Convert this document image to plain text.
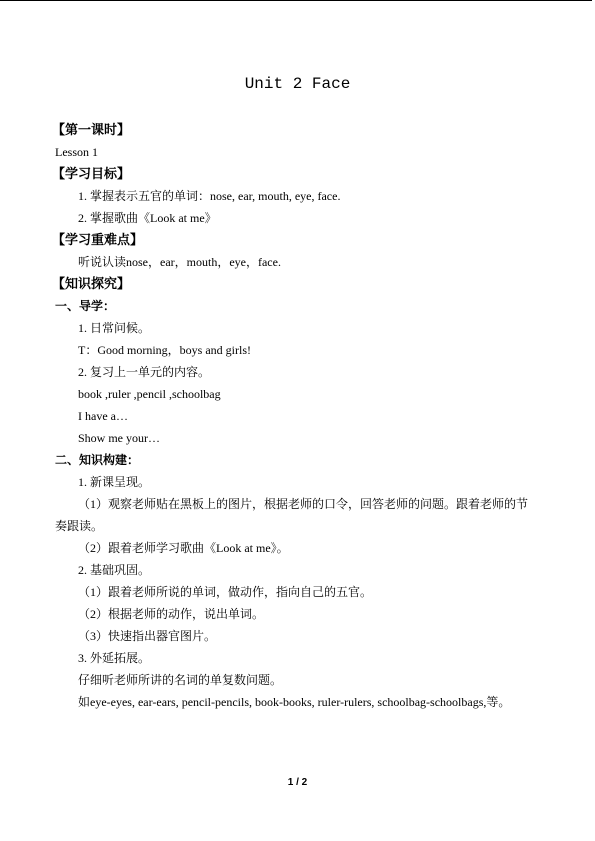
Unit 2 Face
【第一课时】
Lesson 1
【学习目标】
1. 掌握表示五官的单词：nose, ear, mouth, eye, face.
2. 掌握歌曲《Look at me》
【学习重难点】
听说认读nose，ear，mouth，eye，face.
【知识探究】
一、导学：
1. 日常问候。
T：Good morning，boys and girls!
2. 复习上一单元的内容。
book ,ruler ,pencil ,schoolbag
I have a…
Show me your…
二、知识构建：
1. 新课呈现。
（1）观察老师贴在黑板上的图片，根据老师的口令，回答老师的问题。跟着老师的节奏跟读。
（2）跟着老师学习歌曲《Look at me》。
2. 基础巩固。
（1）跟着老师所说的单词，做动作，指向自己的五官。
（2）根据老师的动作，说出单词。
（3）快速指出器官图片。
3. 外延拓展。
仔细听老师所讲的名词的单复数问题。
如eye-eyes, ear-ears, pencil-pencils, book-books, ruler-rulers, schoolbag-schoolbags,等。
1 / 2
